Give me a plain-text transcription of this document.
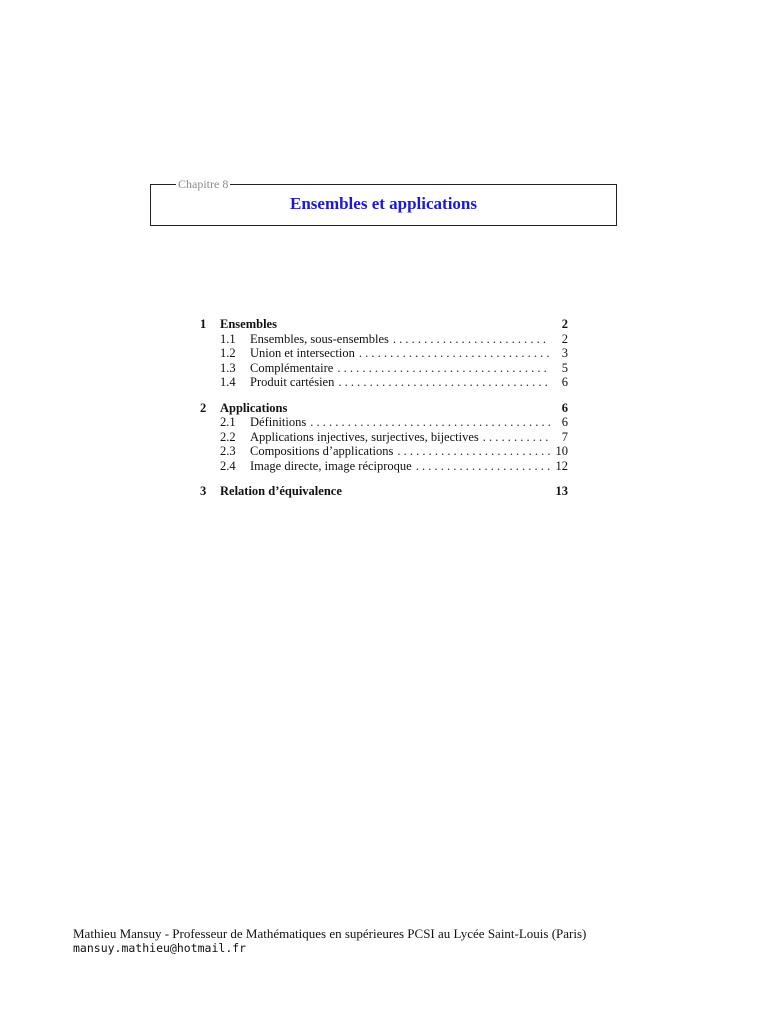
Chapitre 8
Ensembles et applications
1	Ensembles	2
1.1	Ensembles, sous-ensembles . . .	2
1.2	Union et intersection . . .	3
1.3	Complémentaire . . .	5
1.4	Produit cartésien . . .	6
2	Applications	6
2.1	Définitions . . .	6
2.2	Applications injectives, surjectives, bijectives . . .	7
2.3	Compositions d’applications . . .	10
2.4	Image directe, image réciproque . . .	12
3	Relation d’équivalence	13
Mathieu Mansuy - Professeur de Mathématiques en supérieures PCSI au Lycée Saint-Louis (Paris)
mansuy.mathieu@hotmail.fr
